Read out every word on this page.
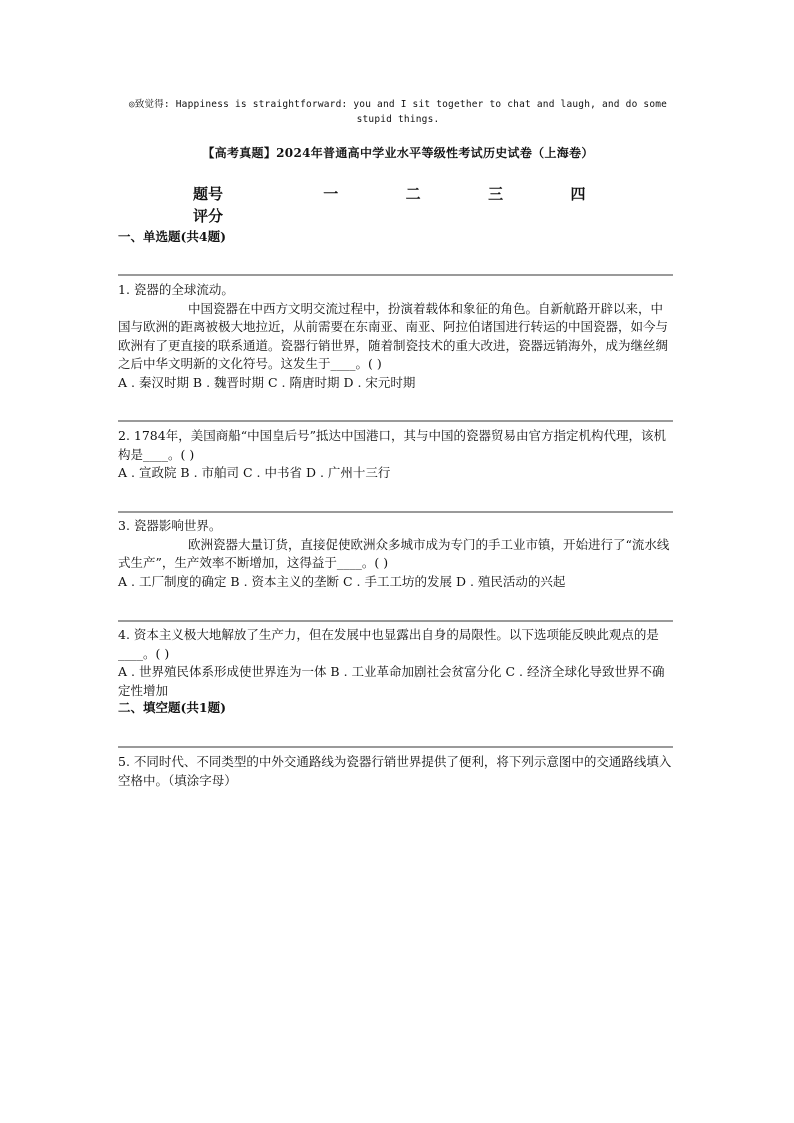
◎致觉得: Happiness is straightforward: you and I sit together to chat and laugh, and do some stupid things.
【高考真题】2024年普通高中学业水平等级性考试历史试卷（上海卷）
题号	一	二	三	四
评分
一、单选题(共4题)

1. 瓷器的全球流动。

中国瓷器在中西方文明交流过程中，扮演着载体和象征的角色。自新航路开辟以来，中国与欧洲的距离被极大地拉近，从前需要在东南亚、南亚、阿拉伯诸国进行转运的中国瓷器，如今与欧洲有了更直接的联系通道。瓷器行销世界，随着制瓷技术的重大改进，瓷器远销海外，成为继丝绸之后中华文明新的文化符号。这发生于____。( )

A . 秦汉时期 B . 魏晋时期 C . 隋唐时期 D . 宋元时期

2. 1784年，美国商船“中国皇后号”抵达中国港口，其与中国的瓷器贸易由官方指定机构代理，该机构是____。( )

A . 宣政院 B . 市舶司 C . 中书省 D . 广州十三行

3. 瓷器影响世界。

欧洲瓷器大量订货，直接促使欧洲众多城市成为专门的手工业市镇，开始进行了“流水线式生产”，生产效率不断增加，这得益于____。( )

A . 工厂制度的确定 B . 资本主义的垄断 C . 手工工坊的发展 D . 殖民活动的兴起

4. 资本主义极大地解放了生产力，但在发展中也显露出自身的局限性。以下选项能反映此观点的是____。( )

A . 世界殖民体系形成使世界连为一体 B . 工业革命加剧社会贫富分化 C . 经济全球化导致世界不确定性增加

二、填空题(共1题)

5. 不同时代、不同类型的中外交通路线为瓷器行销世界提供了便利，将下列示意图中的交通路线填入空格中。（填涂字母）
